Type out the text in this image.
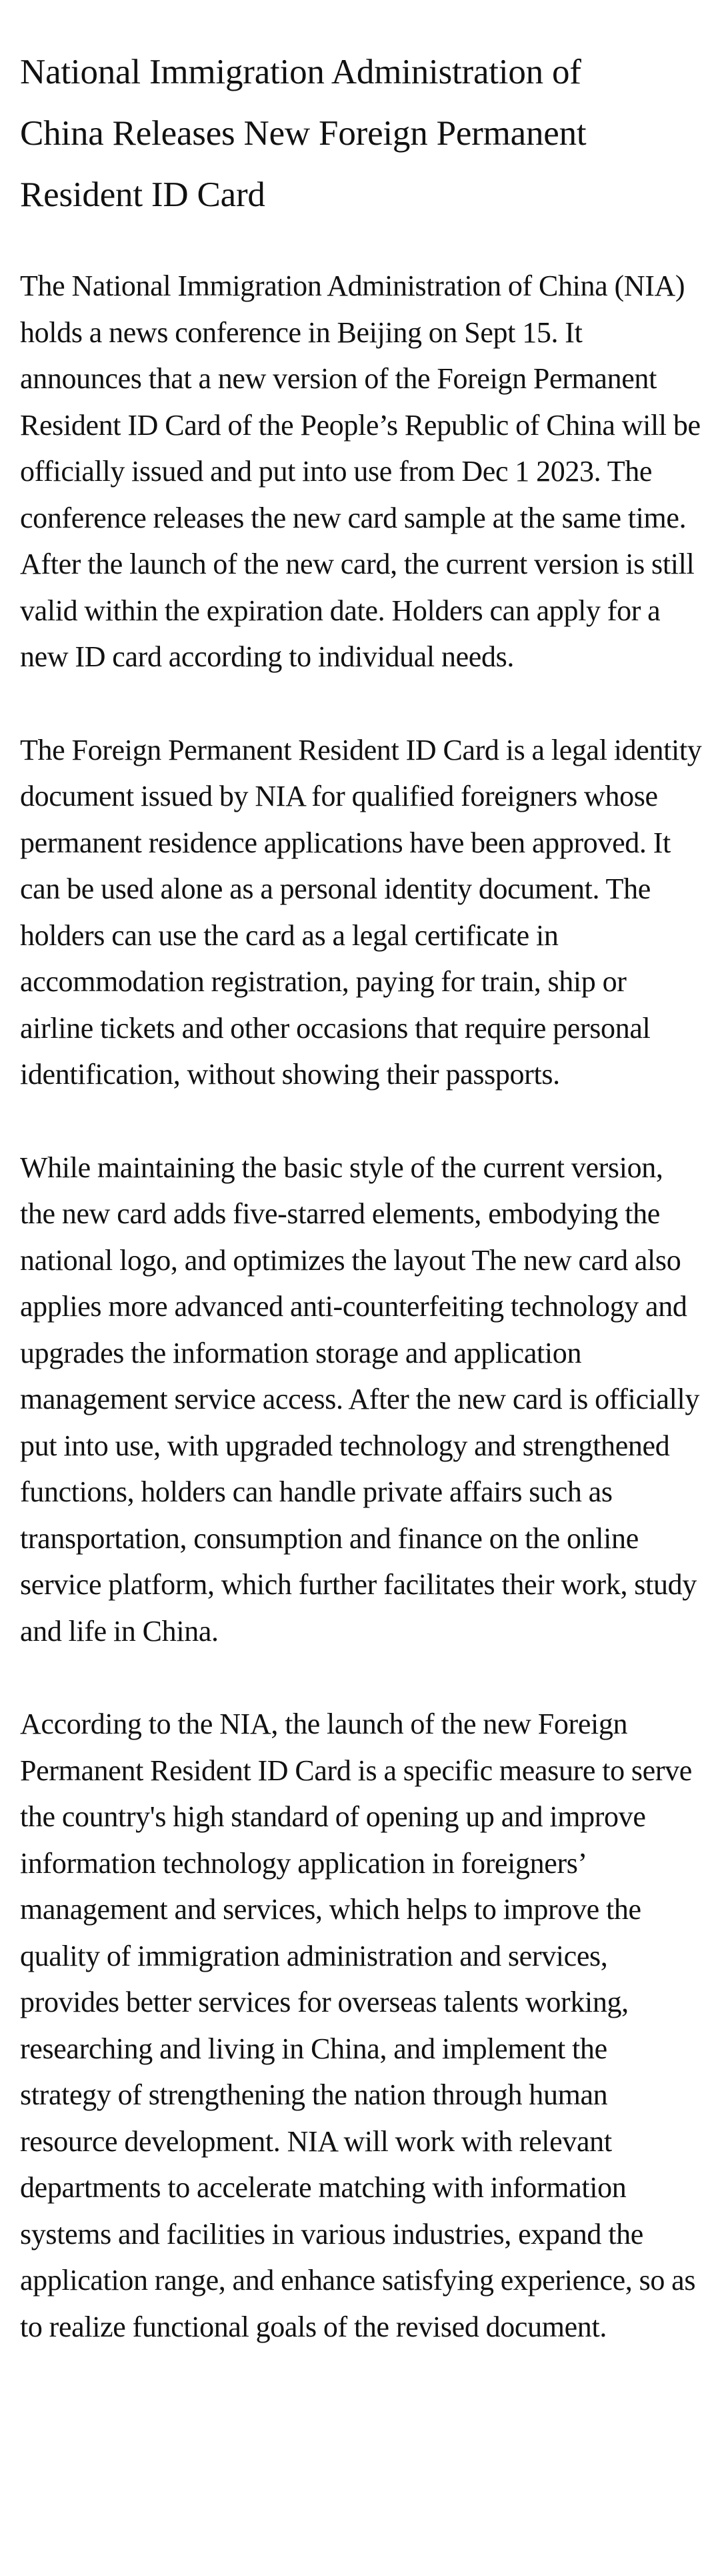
National Immigration Administration of China Releases New Foreign Permanent Resident ID Card

The National Immigration Administration of China (NIA) holds a news conference in Beijing on Sept 15. It announces that a new version of the Foreign Permanent Resident ID Card of the People’s Republic of China will be officially issued and put into use from Dec 1 2023. The conference releases the new card sample at the same time. After the launch of the new card, the current version is still valid within the expiration date. Holders can apply for a new ID card according to individual needs.

The Foreign Permanent Resident ID Card is a legal identity document issued by NIA for qualified foreigners whose permanent residence applications have been approved. It can be used alone as a personal identity document. The holders can use the card as a legal certificate in accommodation registration, paying for train, ship or airline tickets and other occasions that require personal identification, without showing their passports.

While maintaining the basic style of the current version, the new card adds five-starred elements, embodying the national logo, and optimizes the layout The new card also applies more advanced anti-counterfeiting technology and upgrades the information storage and application management service access. After the new card is officially put into use, with upgraded technology and strengthened functions, holders can handle private affairs such as transportation, consumption and finance on the online service platform, which further facilitates their work, study and life in China.

According to the NIA, the launch of the new Foreign Permanent Resident ID Card is a specific measure to serve the country's high standard of opening up and improve information technology application in foreigners’ management and services, which helps to improve the quality of immigration administration and services, provides better services for overseas talents working, researching and living in China, and implement the strategy of strengthening the nation through human resource development. NIA will work with relevant departments to accelerate matching with information systems and facilities in various industries, expand the application range, and enhance satisfying experience, so as to realize functional goals of the revised document.
